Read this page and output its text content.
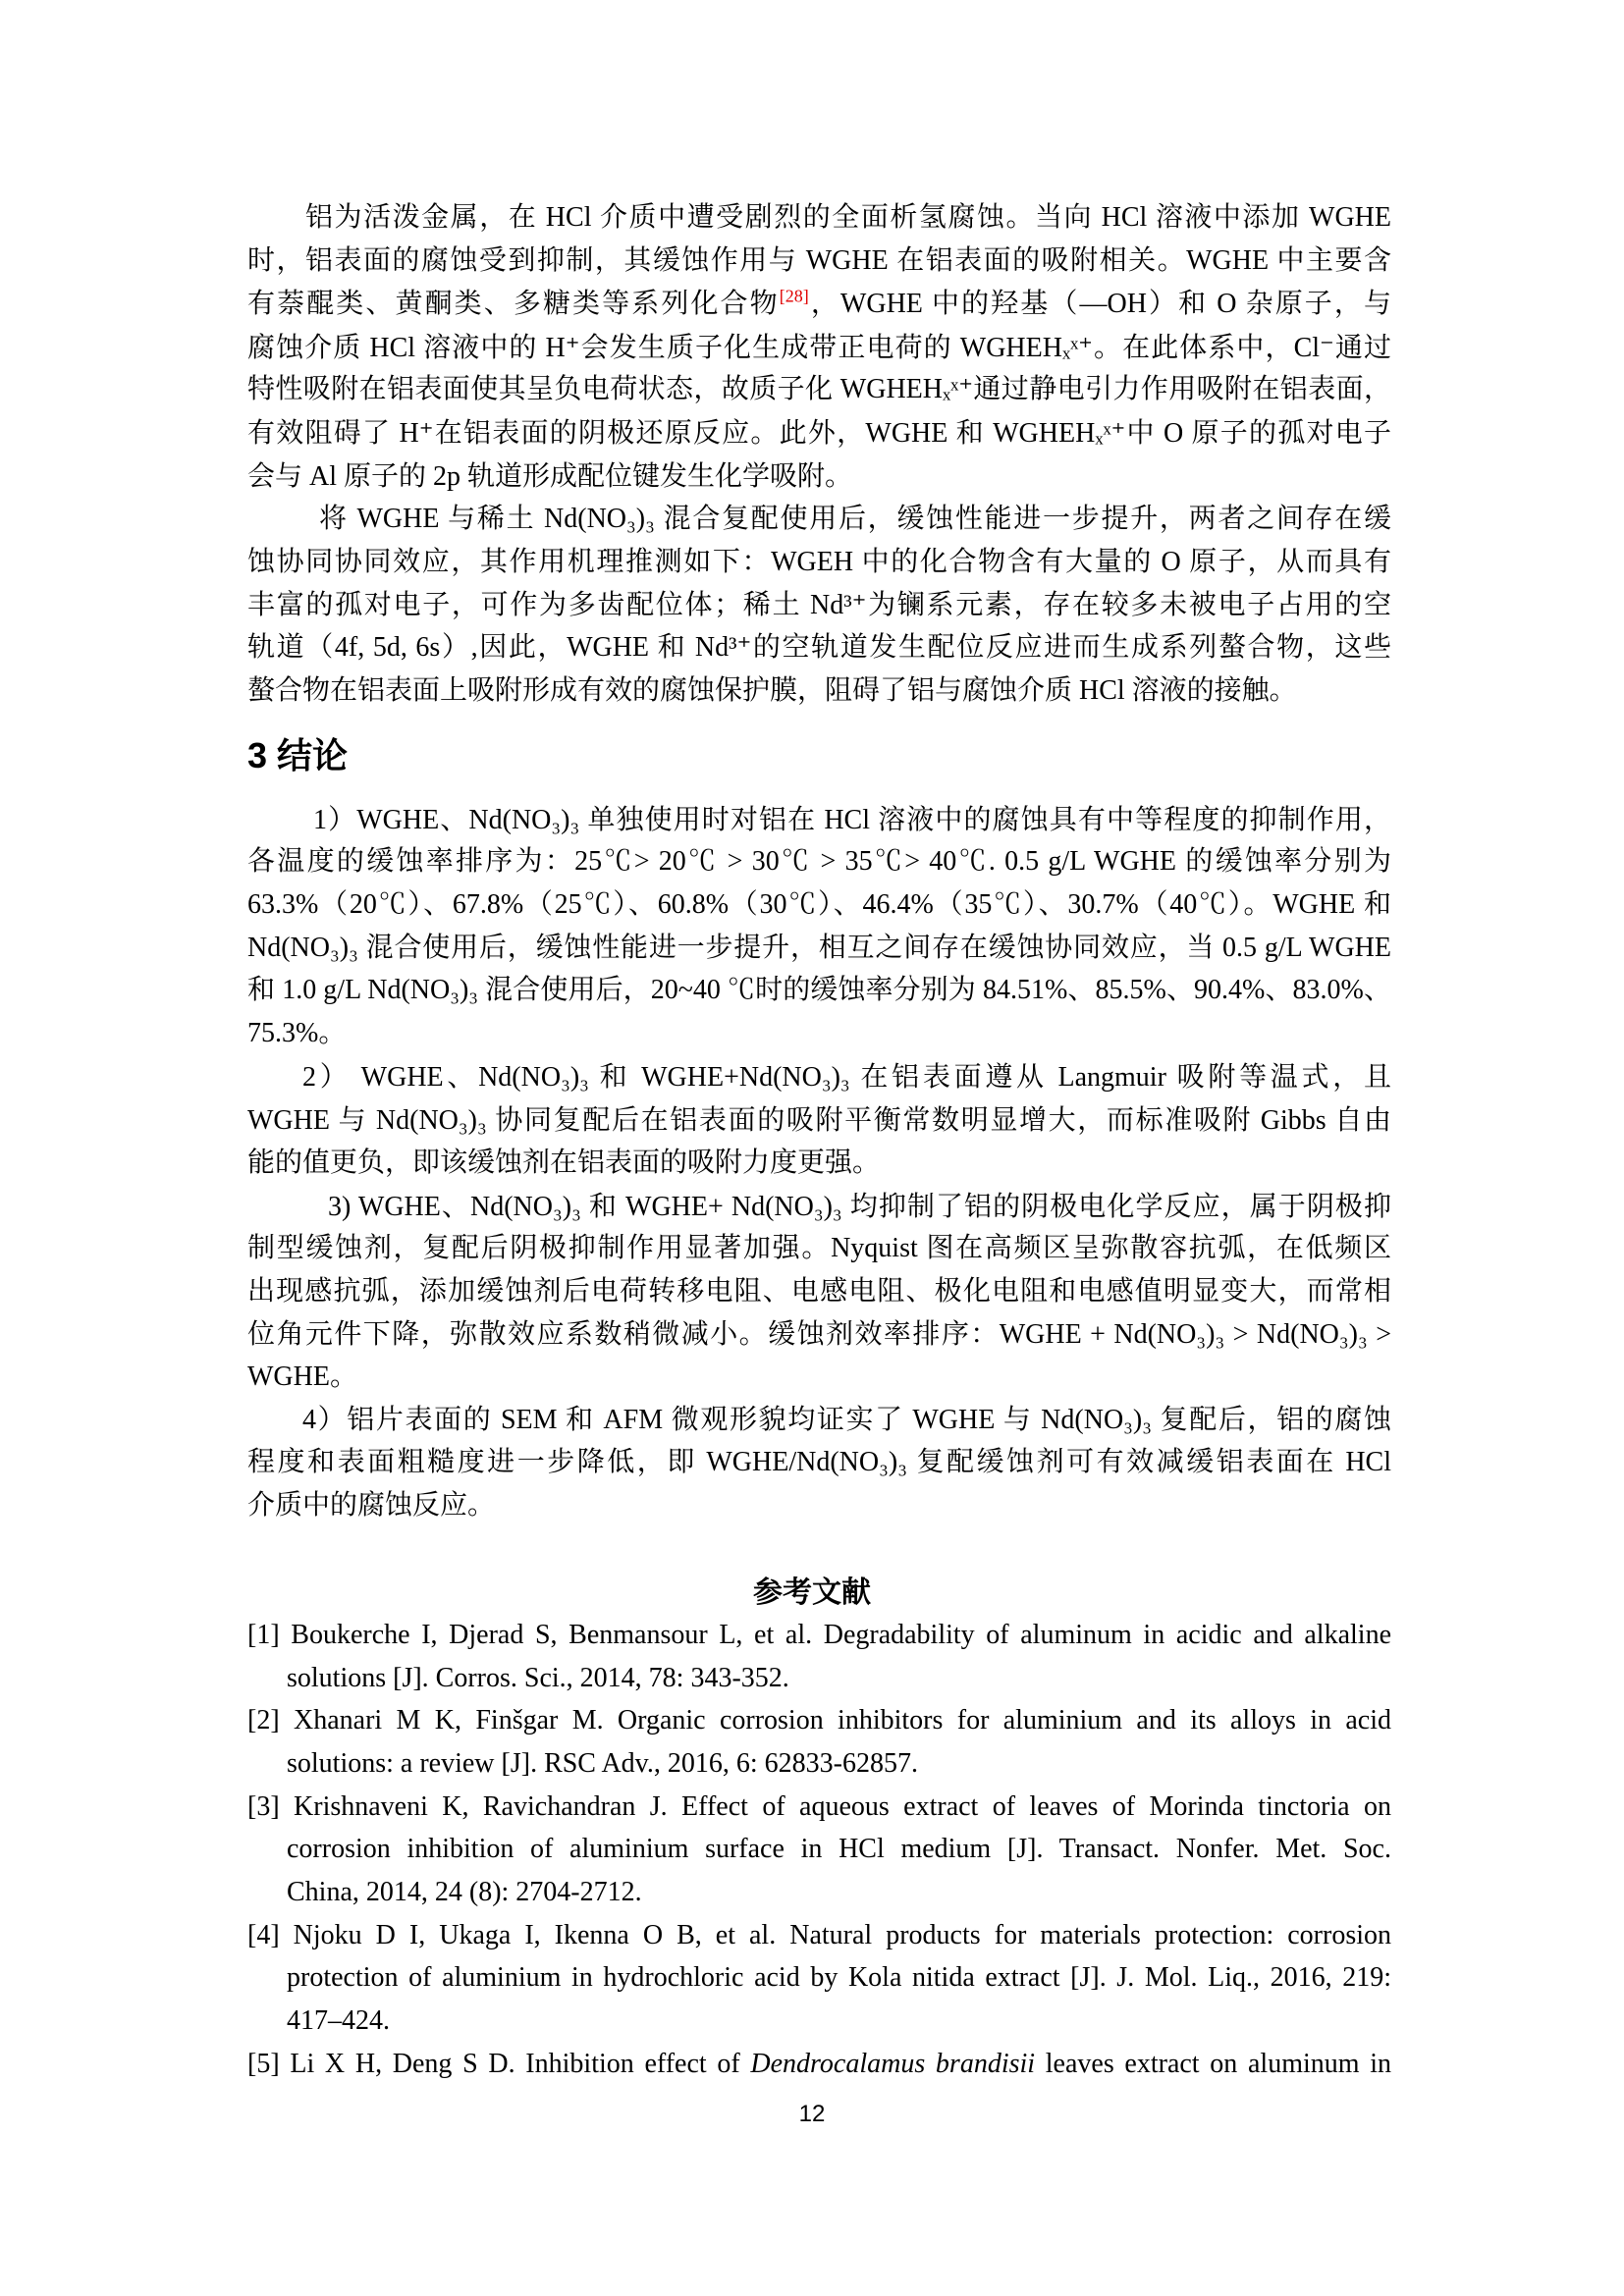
铝为活泼金属，在 HCl 介质中遭受剧烈的全面析氢腐蚀。当向 HCl 溶液中添加 WGHE
时，铝表面的腐蚀受到抑制，其缓蚀作用与 WGHE 在铝表面的吸附相关。WGHE 中主要含
有萘醌类、黄酮类、多糖类等系列化合物[28]，WGHE 中的羟基（—OH）和 O 杂原子，与
腐蚀介质 HCl 溶液中的 H⁺会发生质子化生成带正电荷的 WGHEHₓˣ⁺。在此体系中，Cl⁻通过
特性吸附在铝表面使其呈负电荷状态，故质子化 WGHEHₓˣ⁺通过静电引力作用吸附在铝表面，
有效阻碍了 H⁺在铝表面的阴极还原反应。此外，WGHE 和 WGHEHₓˣ⁺中 O 原子的孤对电子
会与 Al 原子的 2p 轨道形成配位键发生化学吸附。
将 WGHE 与稀土 Nd(NO₃)₃ 混合复配使用后，缓蚀性能进一步提升，两者之间存在缓
蚀协同协同效应，其作用机理推测如下：WGEH 中的化合物含有大量的 O 原子，从而具有
丰富的孤对电子，可作为多齿配位体；稀土 Nd³⁺为镧系元素，存在较多未被电子占用的空
轨道（4f, 5d, 6s）,因此，WGHE 和 Nd³⁺的空轨道发生配位反应进而生成系列螯合物，这些
螯合物在铝表面上吸附形成有效的腐蚀保护膜，阻碍了铝与腐蚀介质 HCl 溶液的接触。
3 结论
1）WGHE、Nd(NO₃)₃ 单独使用时对铝在 HCl 溶液中的腐蚀具有中等程度的抑制作用，
各温度的缓蚀率排序为：25℃> 20℃ > 30℃ > 35℃> 40℃. 0.5 g/L WGHE 的缓蚀率分别为
63.3%（20℃）、67.8%（25℃）、60.8%（30℃）、46.4%（35℃）、30.7%（40℃）。WGHE 和
Nd(NO₃)₃ 混合使用后，缓蚀性能进一步提升，相互之间存在缓蚀协同效应，当 0.5 g/L WGHE
和 1.0 g/L Nd(NO₃)₃ 混合使用后，20~40 ℃时的缓蚀率分别为 84.51%、85.5%、90.4%、83.0%、
75.3%。
2） WGHE、Nd(NO₃)₃ 和 WGHE+Nd(NO₃)₃ 在铝表面遵从 Langmuir 吸附等温式，且
WGHE 与 Nd(NO₃)₃ 协同复配后在铝表面的吸附平衡常数明显增大，而标准吸附 Gibbs 自由
能的值更负，即该缓蚀剂在铝表面的吸附力度更强。
3) WGHE、Nd(NO₃)₃ 和 WGHE+ Nd(NO₃)₃ 均抑制了铝的阴极电化学反应，属于阴极抑
制型缓蚀剂，复配后阴极抑制作用显著加强。Nyquist 图在高频区呈弥散容抗弧，在低频区
出现感抗弧，添加缓蚀剂后电荷转移电阻、电感电阻、极化电阻和电感值明显变大，而常相
位角元件下降，弥散效应系数稍微减小。缓蚀剂效率排序：WGHE + Nd(NO₃)₃ > Nd(NO₃)₃ >
WGHE。
4）铝片表面的 SEM 和 AFM 微观形貌均证实了 WGHE 与 Nd(NO₃)₃ 复配后，铝的腐蚀
程度和表面粗糙度进一步降低，即 WGHE/Nd(NO₃)₃ 复配缓蚀剂可有效减缓铝表面在 HCl
介质中的腐蚀反应。
参考文献
[1] Boukerche I, Djerad S, Benmansour L, et al. Degradability of aluminum in acidic and alkaline
solutions [J]. Corros. Sci., 2014, 78: 343-352.
[2] Xhanari M K, Finšgar M. Organic corrosion inhibitors for aluminium and its alloys in acid
solutions: a review [J]. RSC Adv., 2016, 6: 62833-62857.
[3] Krishnaveni K, Ravichandran J. Effect of aqueous extract of leaves of Morinda tinctoria on
corrosion inhibition of aluminium surface in HCl medium [J]. Transact. Nonfer. Met. Soc.
China, 2014, 24 (8): 2704-2712.
[4] Njoku D I, Ukaga I, Ikenna O B, et al. Natural products for materials protection: corrosion
protection of aluminium in hydrochloric acid by Kola nitida extract [J]. J. Mol. Liq., 2016, 219:
417–424.
[5] Li X H, Deng S D. Inhibition effect of Dendrocalamus brandisii leaves extract on aluminum in
12
